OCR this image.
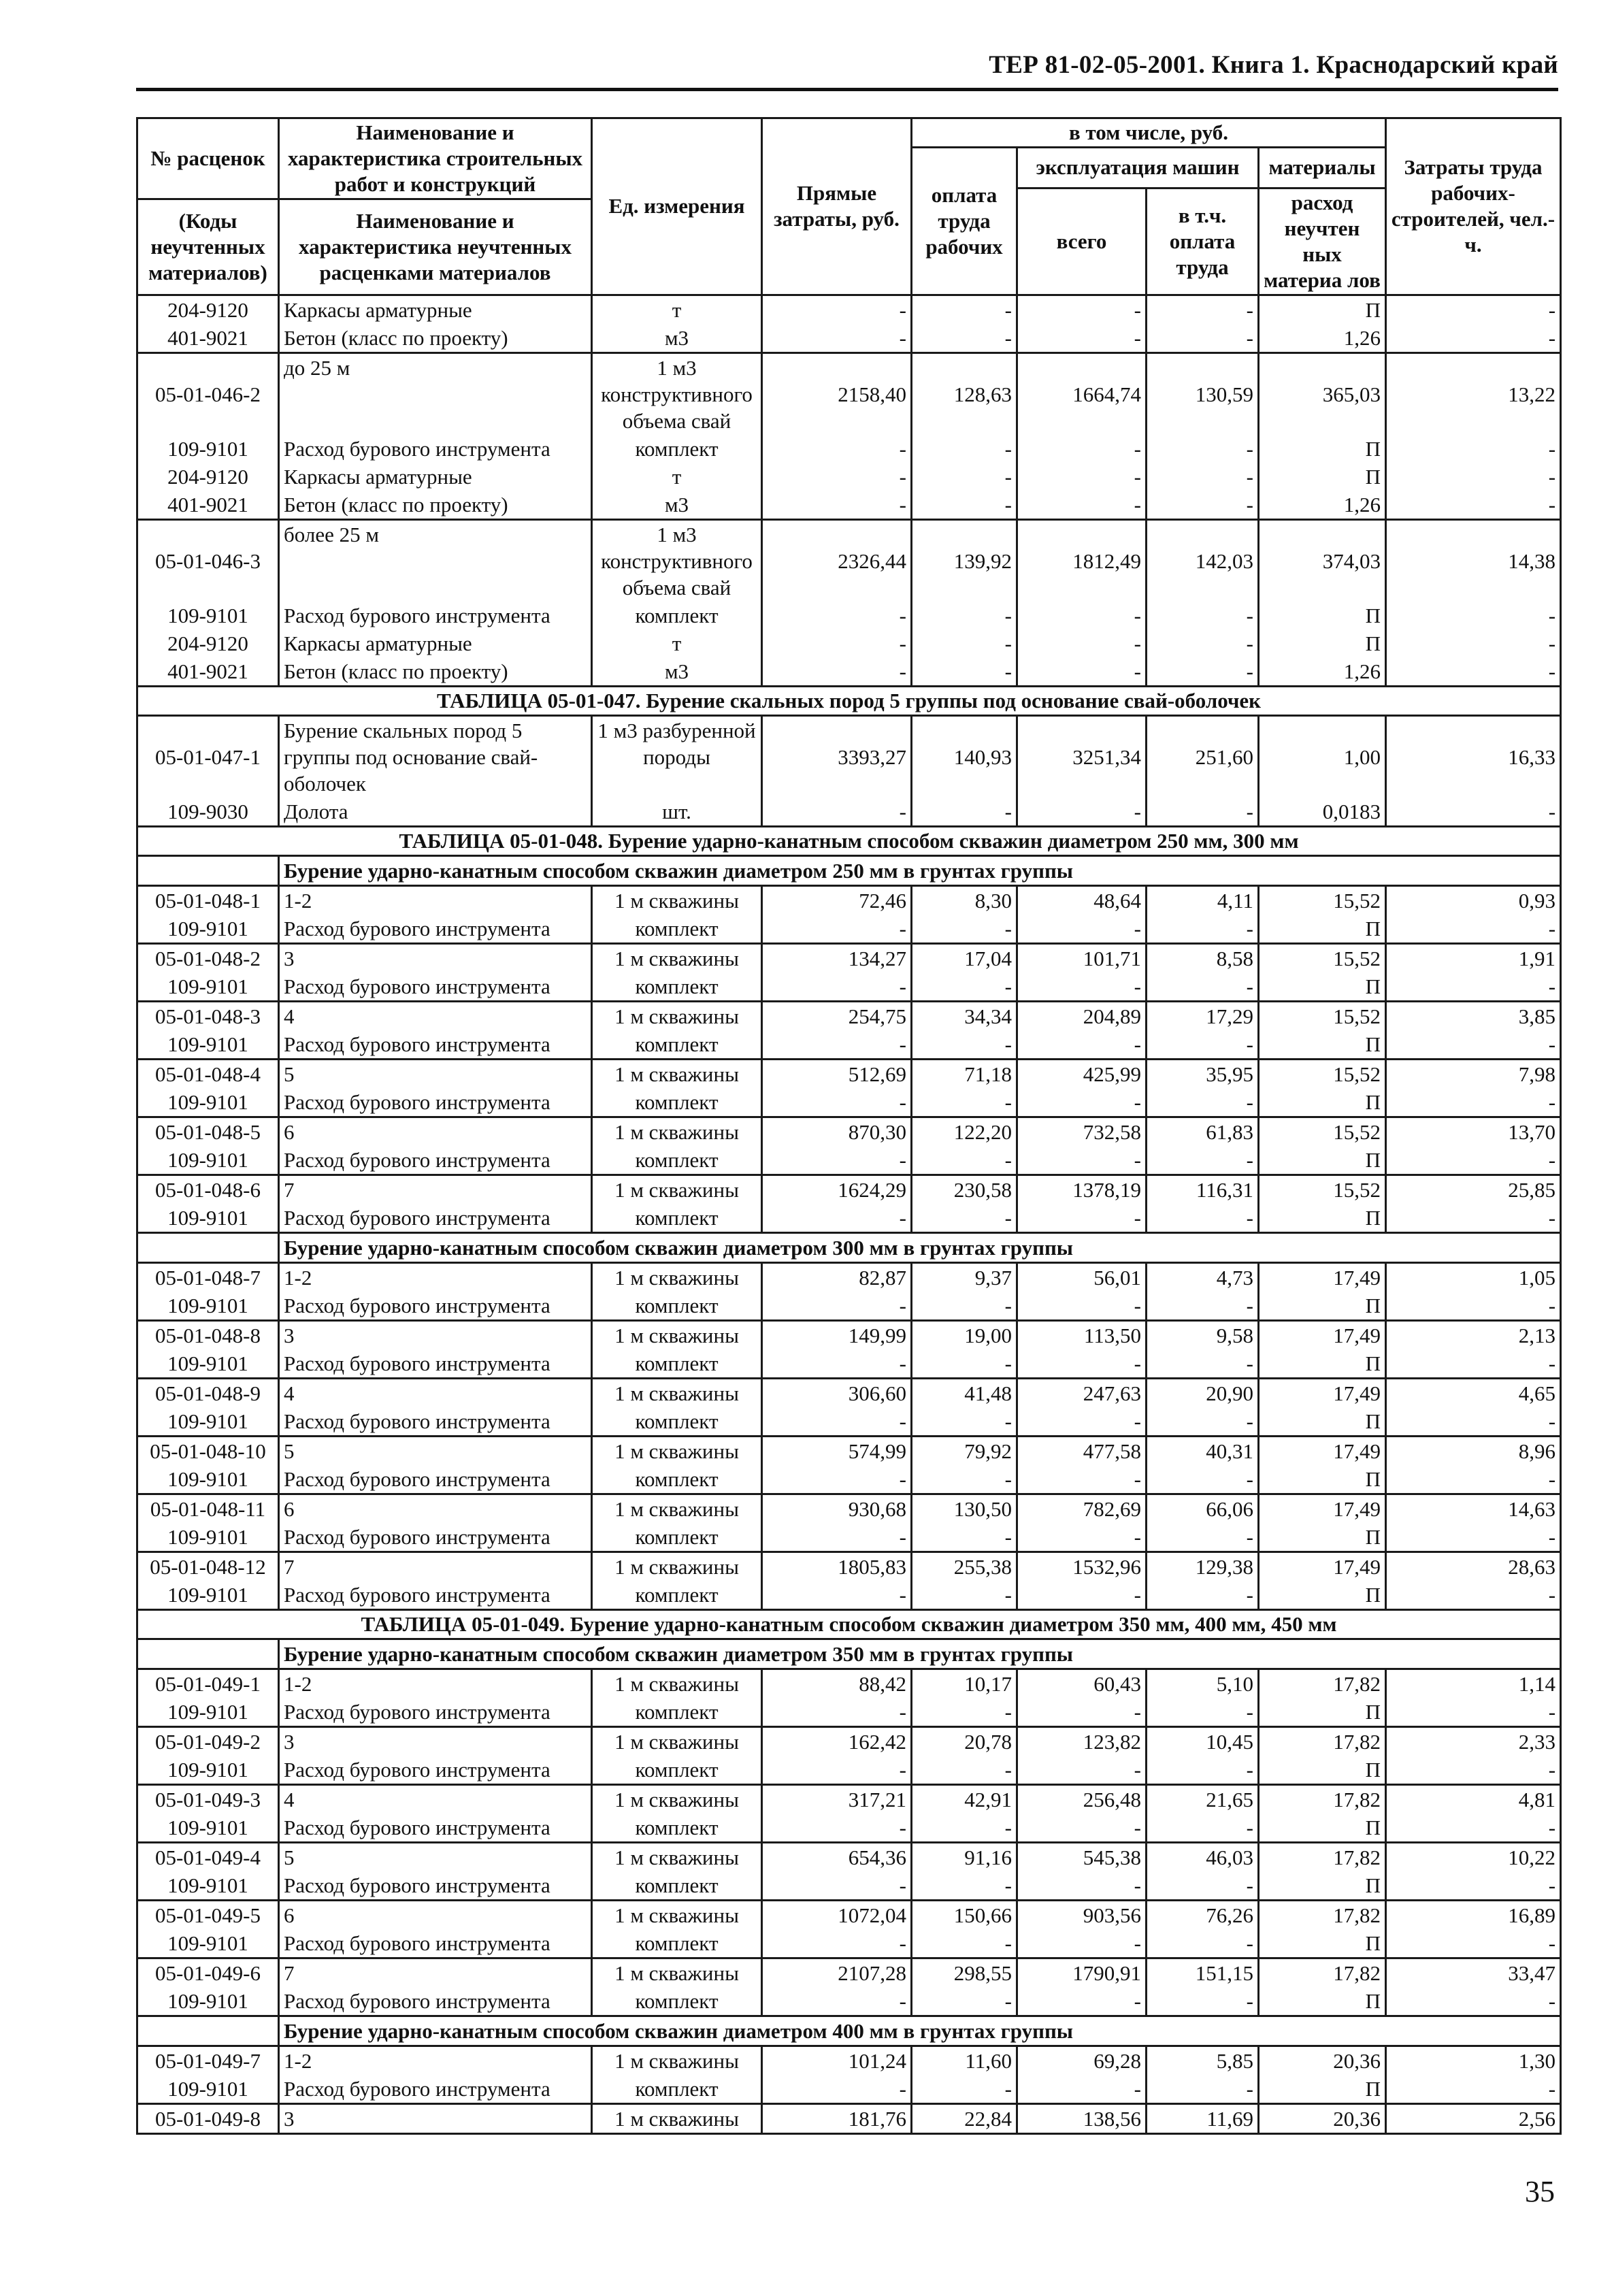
ТЕР 81-02-05-2001. Книга 1. Краснодарский край
№ расценок	Наименование и характеристика строительных работ и конструкций	Ед. измерения	Прямые затраты, руб.	в том числе, руб.				Затраты труда рабочих-строителей, чел.-ч.
				оплата труда рабочих	эксплуатация машин		материалы	
					всего	в т.ч. оплата труда	расход неучтен ных материа лов	
(Коды неучтенных материалов)	Наименование и характеристика неучтенных расценками материалов							

204-9120	Каркасы арматурные	т	-	-	-	-	П	-
401-9021	Бетон (класс по проекту)	м3	-	-	-	-	1,26	-
05-01-046-2	до 25 м	1 м3 конструктивного объема свай	2158,40	128,63	1664,74	130,59	365,03	13,22
109-9101	Расход бурового инструмента	комплект	-	-	-	-	П	-
204-9120	Каркасы арматурные	т	-	-	-	-	П	-
401-9021	Бетон (класс по проекту)	м3	-	-	-	-	1,26	-
05-01-046-3	более 25 м	1 м3 конструктивного объема свай	2326,44	139,92	1812,49	142,03	374,03	14,38
109-9101	Расход бурового инструмента	комплект	-	-	-	-	П	-
204-9120	Каркасы арматурные	т	-	-	-	-	П	-
401-9021	Бетон (класс по проекту)	м3	-	-	-	-	1,26	-
ТАБЛИЦА 05-01-047. Бурение скальных пород 5 группы под основание свай-оболочек								
05-01-047-1	Бурение скальных пород 5 группы под основание свай-оболочек	1 м3 разбуренной породы	3393,27	140,93	3251,34	251,60	1,00	16,33
109-9030	Долота	шт.	-	-	-	-	0,0183	-
ТАБЛИЦА 05-01-048. Бурение ударно-канатным способом скважин диаметром 250 мм, 300 мм								
	Бурение ударно-канатным способом скважин диаметром 250 мм в грунтах группы							
05-01-048-1	1-2	1 м скважины	72,46	8,30	48,64	4,11	15,52	0,93
109-9101	Расход бурового инструмента	комплект	-	-	-	-	П	-
05-01-048-2	3	1 м скважины	134,27	17,04	101,71	8,58	15,52	1,91
109-9101	Расход бурового инструмента	комплект	-	-	-	-	П	-
05-01-048-3	4	1 м скважины	254,75	34,34	204,89	17,29	15,52	3,85
109-9101	Расход бурового инструмента	комплект	-	-	-	-	П	-
05-01-048-4	5	1 м скважины	512,69	71,18	425,99	35,95	15,52	7,98
109-9101	Расход бурового инструмента	комплект	-	-	-	-	П	-
05-01-048-5	6	1 м скважины	870,30	122,20	732,58	61,83	15,52	13,70
109-9101	Расход бурового инструмента	комплект	-	-	-	-	П	-
05-01-048-6	7	1 м скважины	1624,29	230,58	1378,19	116,31	15,52	25,85
109-9101	Расход бурового инструмента	комплект	-	-	-	-	П	-
	Бурение ударно-канатным способом скважин диаметром 300 мм в грунтах группы							
05-01-048-7	1-2	1 м скважины	82,87	9,37	56,01	4,73	17,49	1,05
109-9101	Расход бурового инструмента	комплект	-	-	-	-	П	-
05-01-048-8	3	1 м скважины	149,99	19,00	113,50	9,58	17,49	2,13
109-9101	Расход бурового инструмента	комплект	-	-	-	-	П	-
05-01-048-9	4	1 м скважины	306,60	41,48	247,63	20,90	17,49	4,65
109-9101	Расход бурового инструмента	комплект	-	-	-	-	П	-
05-01-048-10	5	1 м скважины	574,99	79,92	477,58	40,31	17,49	8,96
109-9101	Расход бурового инструмента	комплект	-	-	-	-	П	-
05-01-048-11	6	1 м скважины	930,68	130,50	782,69	66,06	17,49	14,63
109-9101	Расход бурового инструмента	комплект	-	-	-	-	П	-
05-01-048-12	7	1 м скважины	1805,83	255,38	1532,96	129,38	17,49	28,63
109-9101	Расход бурового инструмента	комплект	-	-	-	-	П	-
ТАБЛИЦА 05-01-049. Бурение ударно-канатным способом скважин диаметром 350 мм, 400 мм, 450 мм								
	Бурение ударно-канатным способом скважин диаметром 350 мм в грунтах группы							
05-01-049-1	1-2	1 м скважины	88,42	10,17	60,43	5,10	17,82	1,14
109-9101	Расход бурового инструмента	комплект	-	-	-	-	П	-
05-01-049-2	3	1 м скважины	162,42	20,78	123,82	10,45	17,82	2,33
109-9101	Расход бурового инструмента	комплект	-	-	-	-	П	-
05-01-049-3	4	1 м скважины	317,21	42,91	256,48	21,65	17,82	4,81
109-9101	Расход бурового инструмента	комплект	-	-	-	-	П	-
05-01-049-4	5	1 м скважины	654,36	91,16	545,38	46,03	17,82	10,22
109-9101	Расход бурового инструмента	комплект	-	-	-	-	П	-
05-01-049-5	6	1 м скважины	1072,04	150,66	903,56	76,26	17,82	16,89
109-9101	Расход бурового инструмента	комплект	-	-	-	-	П	-
05-01-049-6	7	1 м скважины	2107,28	298,55	1790,91	151,15	17,82	33,47
109-9101	Расход бурового инструмента	комплект	-	-	-	-	П	-
	Бурение ударно-канатным способом скважин диаметром 400 мм в грунтах группы							
05-01-049-7	1-2	1 м скважины	101,24	11,60	69,28	5,85	20,36	1,30
109-9101	Расход бурового инструмента	комплект	-	-	-	-	П	-
05-01-049-8	3	1 м скважины	181,76	22,84	138,56	11,69	20,36	2,56
35
